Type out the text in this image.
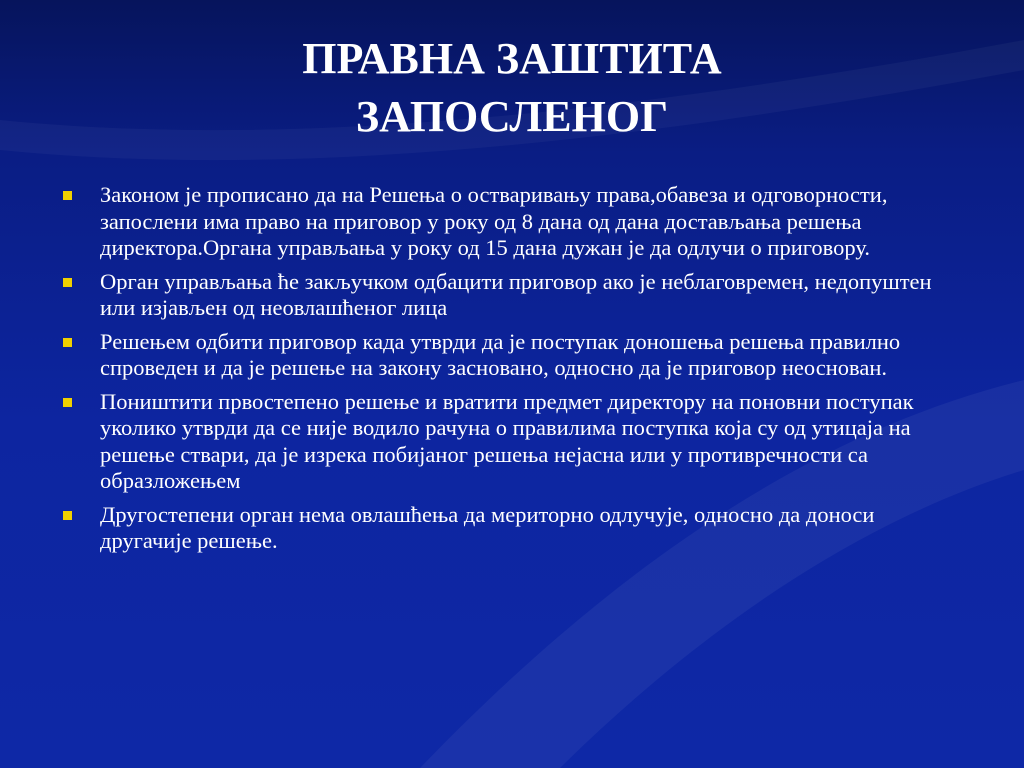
ПРАВНА ЗАШТИТА
ЗАПОСЛЕНОГ
Законом је прописано да на Решења о остваривању права,обавеза и одговорности, запослени има право на приговор у року од 8 дана од дана достављања решења директора.Органа управљања у року од 15 дана дужан је да одлучи о приговору.
Орган управљања ће закључком одбацити приговор ако је неблаговремен, недопуштен или изјављен од неовлашћеног лица
Решењем одбити приговор када утврди да је поступак доношења решења правилно спроведен и да је решење на закону засновано, односно да је приговор неоснован.
Поништити првостепено решење и вратити предмет директору на поновни поступак уколико утврди да се није водило рачуна о правилима поступка која су од утицаја на решење ствари, да је изрека побијаног решења нејасна или у противречности са образложењем
Другостепени орган нема овлашћења да мериторно одлучује, односно да доноси другачије решење.
